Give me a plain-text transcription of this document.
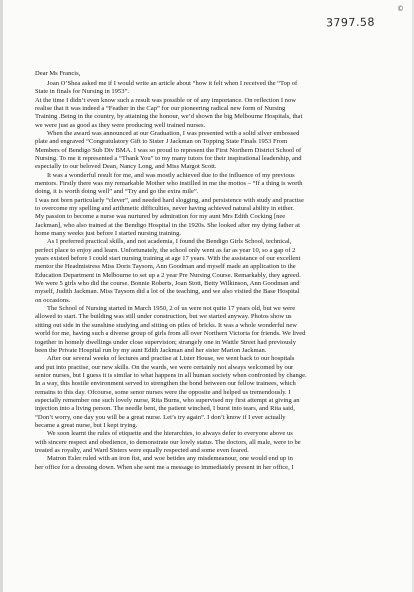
3797.58
©
Dear Ms Francis,
Joan O’Shea asked me if I would write an article about “how it felt when I received the “Top of
State in finals for Nursing in 1953”.
At the time I didn’t even know such a result was possible or of any importance. On reflection I now
realise that it was indeed a “Feather in the Cap” for our pioneering radical new form of Nursing
Training .Being in the country, by attaining the honour, we’d shown the big Melbourne Hospitals, that
we were just as good as they were producing well trained nurses.
When the award was announced at our Graduation, I was presented with a solid silver embossed
plate and engraved “Congratulatory Gift to Sister J Jackman on Topping State Finals 1953 From
Members of Bendigo Sub Div BMA. I was so proud to represent the First Northern District School of
Nursing. To me it represented a “Thank You” to my many tutors for their inspirational leadership, and
especially to our beloved Dean, Nancy Long, and Miss Margot Scott.
It was a wonderful result for me, and was mostly achieved due to the influence of my previous
mentors. Firstly there was my remarkable Mother who instilled in me the mottos – “If a thing is worth
doing, it is worth doing well” and “Try and go the extra mile”.
I was not born particularly “clever”, and needed hard slogging, and persistence with study and practise
to overcome my spelling and arithmetic difficulties, never having achieved natural ability in either.
My passion to become a nurse was nurtured by admiration for my aunt Mrs Edith Cocking [nee
Jackman], who also trained at the Bendigo Hospital in the 1920s. She looked after my dying father at
home many weeks just before I started nursing training.
As I preferred practical skills, and not academia, I found the Bendigo Girls School, technical,
perfect place to enjoy and learn. Unfortunately, the school only went as far as year 10, so a gap of 2
years existed before I could start nursing training at age 17 years. With the assistance of our excellent
mentor the Headmistress Miss Doris Taysom, Ann Goodman and myself made an application to the
Education Department in Melbourne to set up a 2 year Pre Nursing Course. Remarkably, they agreed.
We were 5 girls who did the course. Bonnie Roberts, Joan Stott, Betty Wilkinson, Ann Goodman and
myself, Judith Jackman. Miss Taysom did a lot of the teaching, and we also visited the Base Hospital
on occasions.
The School of Nursing started in March 1950, 2 of us were not quite 17 years old, but we were
allowed to start. The building was still under construction, but we started anyway. Photos show us
sitting out side in the sunshine studying and sitting on piles of bricks. It was a whole wonderful new
world for me, having such a diverse group of girls from all over Northern Victoria for friends. We lived
together in homely dwellings under close supervision; strangely one in Wattle Street had previously
been the Private Hospital run by my aunt Edith Jackman and her sister Marion Jackman.
After our several weeks of lectures and practise at Lister House, we went back to our hospitals
and put into practise, our new skills. On the wards, we were certainly not always welcomed by our
senior nurses, but I guess it is similar to what happens in all human society when confronted by change.
In a way, this hostile environment served to strengthen the bond between our fellow trainees, which
remains to this day. Ofcourse, some senor nurses were the opposite and helped us tremendously. I
especially remember one such lovely nurse, Rita Burns, who supervised my first attempt at giving an
injection into a living person. The needle bent, the patient winched, I burst into tears, and Rita said,
“Don’t worry, one day you will be a great nurse. Let’s try again”. I don’t know if I ever actually
became a great nurse, but I kept trying.
We soon learnt the rules of etiquette and the hierarchies, to always defer to everyone above us
with sincere respect and obedience, to demonstrate our lowly status. The doctors, all male, were to be
treated as royalty, and Ward Sisters were equally respected and some even feared.
Matron Esler ruled with an iron fist, and woe betides any misdemeanour, one would end up in
her office for a dressing down. When she sent me a message to immediately present in her office, I
